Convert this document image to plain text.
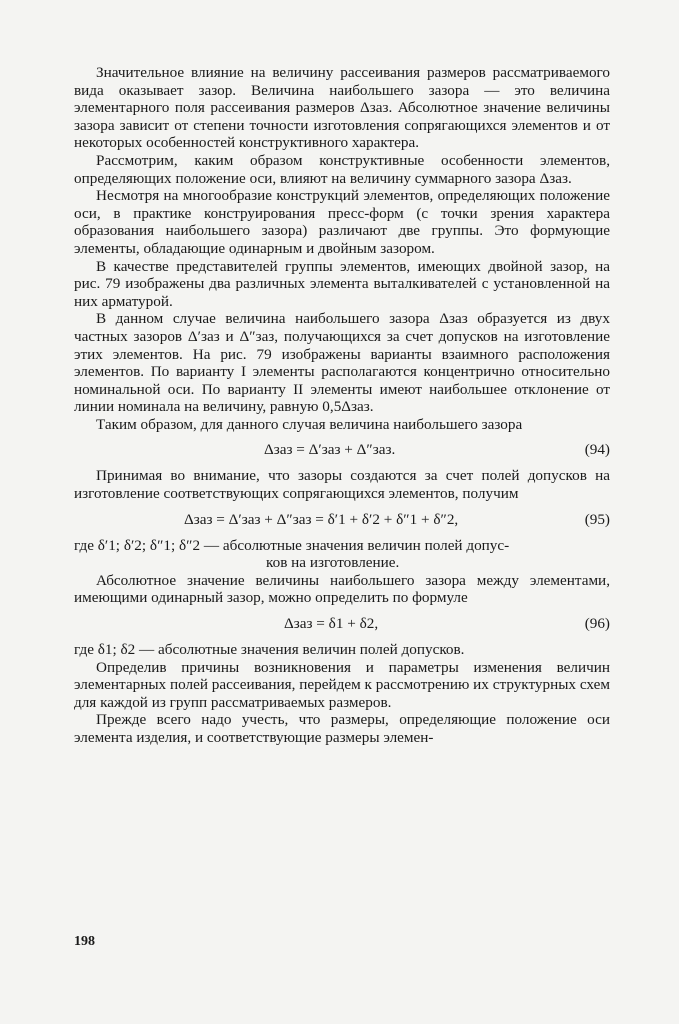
Значительное влияние на величину рассеивания размеров рассматриваемого вида оказывает зазор. Величина наибольшего зазора — это величина элементарного поля рассеивания размеров Δзаз. Абсолютное значение величины зазора зависит от степени точности изготовления сопрягающихся элементов и от некоторых особенностей конструктивного характера.

Рассмотрим, каким образом конструктивные особенности элементов, определяющих положение оси, влияют на величину суммарного зазора Δзаз.

Несмотря на многообразие конструкций элементов, определяющих положение оси, в практике конструирования пресс-форм (с точки зрения характера образования наибольшего зазора) различают две группы. Это формующие элементы, обладающие одинарным и двойным зазором.

В качестве представителей группы элементов, имеющих двойной зазор, на рис. 79 изображены два различных элемента выталкивателей с установленной на них арматурой.

В данном случае величина наибольшего зазора Δзаз образуется из двух частных зазоров Δ′заз и Δ″заз, получающихся за счет допусков на изготовление этих элементов. На рис. 79 изображены варианты взаимного расположения элементов. По варианту I элементы располагаются концентрично относительно номинальной оси. По варианту II элементы имеют наибольшее отклонение от линии номинала на величину, равную 0,5Δзаз.

Таким образом, для данного случая величина наибольшего зазора

Δзаз = Δ′заз + Δ″заз.	(94)

Принимая во внимание, что зазоры создаются за счет полей допусков на изготовление соответствующих сопрягающихся элементов, получим

Δзаз = Δ′заз + Δ″заз = δ′1 + δ′2 + δ″1 + δ″2,	(95)

где δ′1; δ′2; δ″1; δ″2 — абсолютные значения величин полей допус-
ков на изготовление.

Абсолютное значение величины наибольшего зазора между элементами, имеющими одинарный зазор, можно определить по формуле

Δзаз = δ1 + δ2,	(96)

где δ1; δ2 — абсолютные значения величин полей допусков.

Определив причины возникновения и параметры изменения величин элементарных полей рассеивания, перейдем к рассмотрению их структурных схем для каждой из групп рассматриваемых размеров.

Прежде всего надо учесть, что размеры, определяющие положение оси элемента изделия, и соответствующие размеры элемен-

198
